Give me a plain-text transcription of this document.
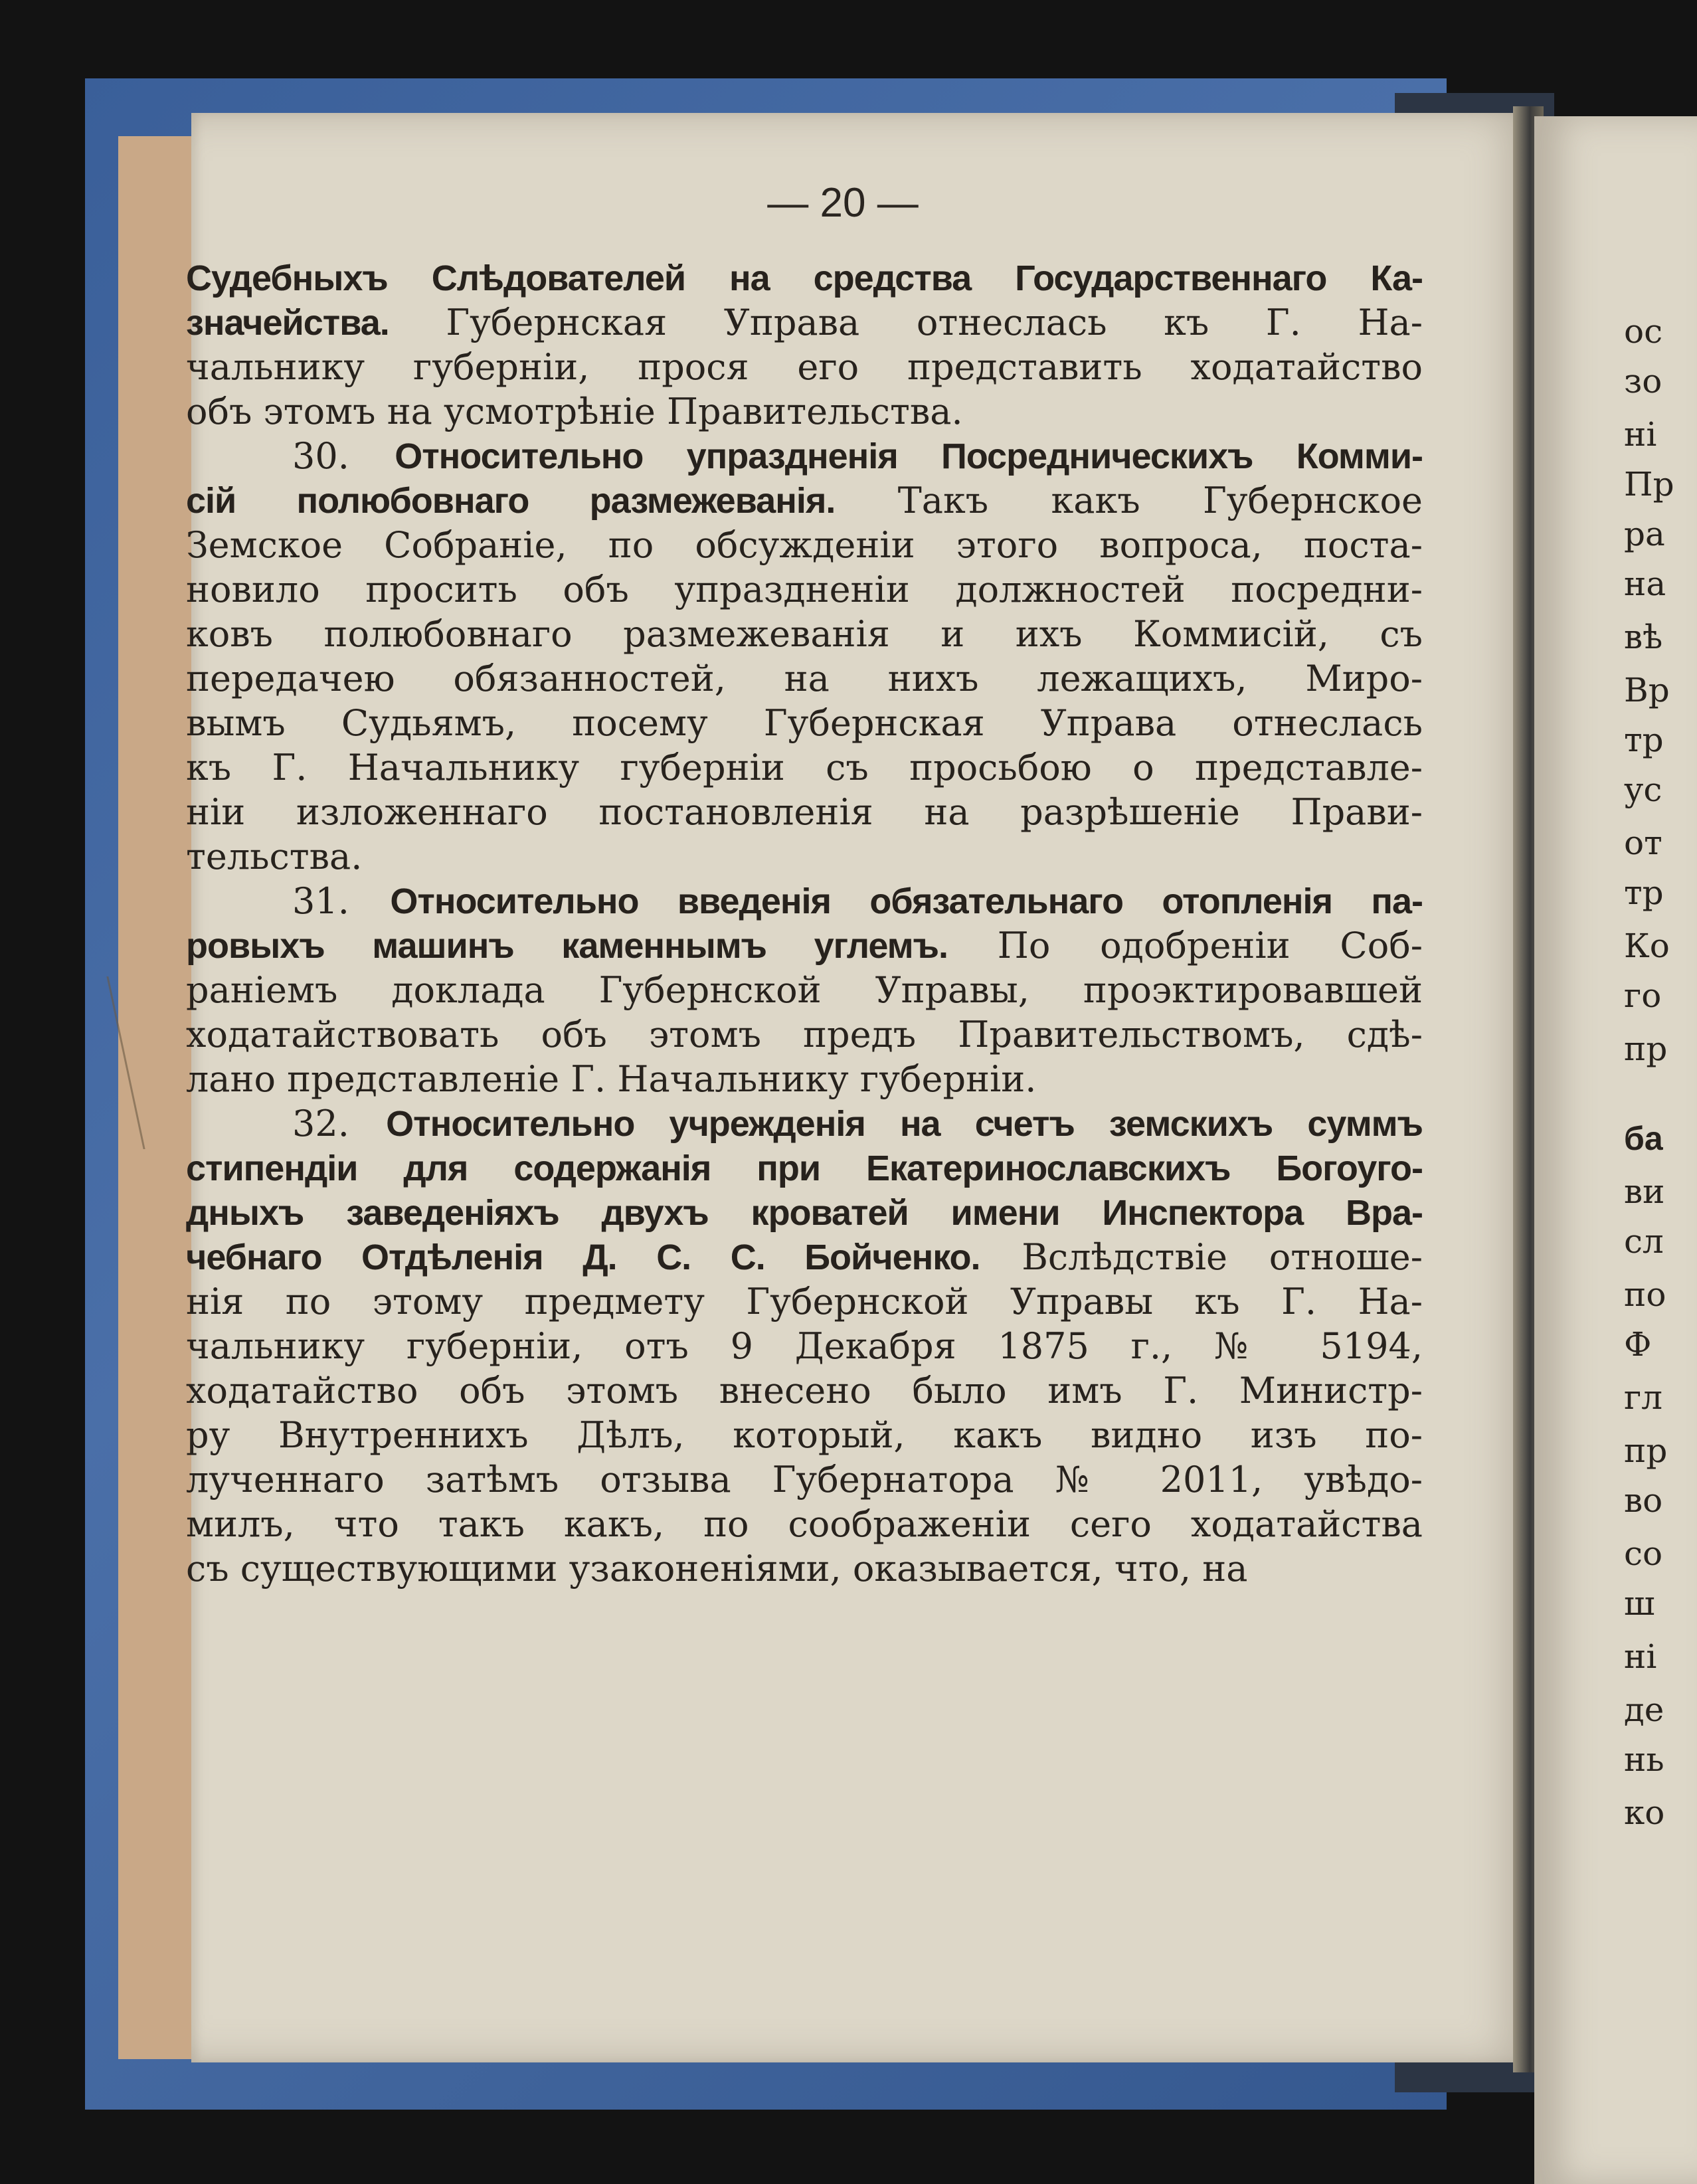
— 20 —
Судебныхъ Слѣдователей на средства Государственнаго Ка-
значейства. Губернская Управа отнеслась къ Г. На-
чальнику губерніи, прося его представить ходатайство
объ этомъ на усмотрѣніе Правительства.
30. Относительно упраздненія Посредническихъ Комми-
сій полюбовнаго размежеванія. Такъ какъ Губернское
Земское Собраніе, по обсужденіи этого вопроса, поста-
новило просить объ упраздненіи должностей посредни-
ковъ полюбовнаго размежеванія и ихъ Коммисій, съ
передачею обязанностей, на нихъ лежащихъ, Миро-
вымъ Судьямъ, посему Губернская Управа отнеслась
къ Г. Начальнику губерніи съ просьбою о представле-
ніи изложеннаго постановленія на разрѣшеніе Прави-
тельства.
31. Относительно введенія обязательнаго отопленія па-
ровыхъ машинъ каменнымъ углемъ. По одобреніи Соб-
раніемъ доклада Губернской Управы, проэктировавшей
ходатайствовать объ этомъ предъ Правительствомъ, сдѣ-
лано представленіе Г. Начальнику губерніи.
32. Относительно учрежденія на счетъ земскихъ суммъ
стипендіи для содержанія при Екатеринославскихъ Богоуго-
дныхъ заведеніяхъ двухъ кроватей имени Инспектора Вра-
чебнаго Отдѣленія Д. С. С. Бойченко. Вслѣдствіе отноше-
нія по этому предмету Губернской Управы къ Г. На-
чальнику губерніи, отъ 9 Декабря 1875 г., № 5194,
ходатайство объ этомъ внесено было имъ Г. Министр-
ру Внутреннихъ Дѣлъ, который, какъ видно изъ по-
лученнаго затѣмъ отзыва Губернатора № 2011, увѣдо-
милъ, что такъ какъ, по соображеніи сего ходатайства
съ существующими узаконеніями, оказывается, что, на
ос
зо
ні
Пр
ра
на
вѣ
Вр
тр
ус
от
тр
Ко
го
пр
ба
ви
сл
по
Ф
гл
пр
во
со
ш
ні
де
нь
ко
